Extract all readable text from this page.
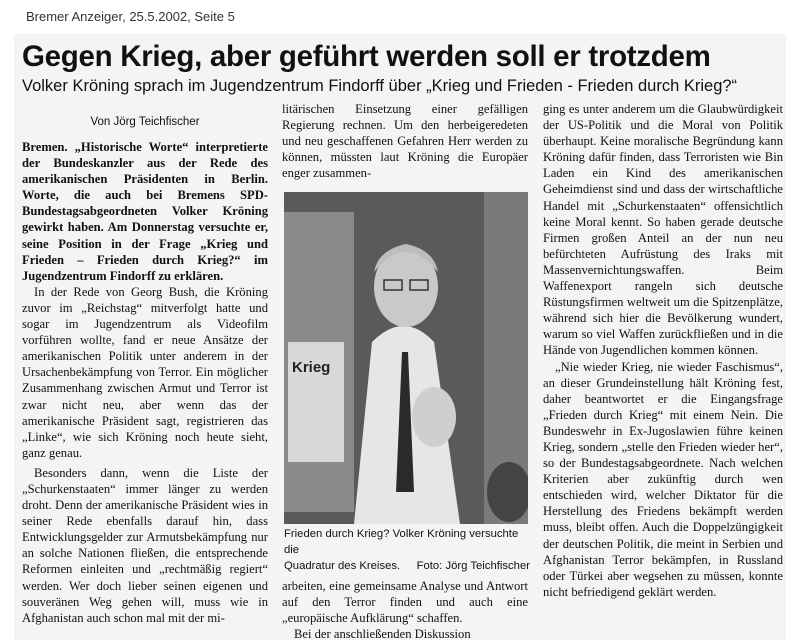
Bremer Anzeiger, 25.5.2002, Seite 5
Gegen Krieg, aber geführt werden soll er trotzdem
Volker Kröning sprach im Jugendzentrum Findorff über „Krieg und Frieden - Frieden durch Krieg?“
Von Jörg Teichfischer

Bremen. „Historische Worte“ interpretierte der Bundeskanzler aus der Rede des amerikanischen Präsidenten in Berlin. Worte, die auch bei Bremens SPD-Bundestagsabgeordneten Volker Kröning gewirkt haben. Am Donnerstag versuchte er, seine Position in der Frage „Krieg und Frieden – Frieden durch Krieg?“ im Jugendzentrum Findorff zu erklären.

In der Rede von Georg Bush, die Kröning zuvor im „Reichstag“ mitverfolgt hatte und sogar im Jugendzentrum als Videofilm vorführen wollte, fand er neue Ansätze der amerikanischen Politik unter anderem in der Ursachenbekämpfung von Terror. Ein möglicher Zusammenhang zwischen Armut und Terror ist zwar nicht neu, aber wenn das der amerikanische Präsident sagt, registrieren das „Linke“, wie sich Kröning noch heute sieht, ganz genau.

Besonders dann, wenn die Liste der „Schurkenstaaten“ immer länger zu werden droht. Denn der amerikanische Präsident wies in seiner Rede ebenfalls darauf hin, dass Entwicklungsgelder zur Armutsbekämpfung nur an solche Nationen fließen, die entsprechende Reformen einleiten und „rechtmäßig regiert“ werden. Wer doch lieber seinen eigenen und souveränen Weg gehen will, muss wie in Afghanistan auch schon mal mit der mi-

litärischen Einsetzung einer gefälligen Regierung rechnen. Um den herbeigeredeten und neu geschaffenen Gefahren Herr werden zu können, müssten laut Kröning die Europäer enger zusammen-

Krieg
Frieden durch Krieg? Volker Kröning versuchte die
Quadratur des Kreises. Foto: Jörg Teichfischer

arbeiten, eine gemeinsame Analyse und Antwort auf den Terror finden und auch eine „europäische Aufklärung“ schaffen.

Bei der anschließenden Diskussion

ging es unter anderem um die Glaubwürdigkeit der US-Politik und die Moral von Politik überhaupt. Keine moralische Begründung kann Kröning dafür finden, dass Terroristen wie Bin Laden ein Kind des amerikanischen Geheimdienst sind und dass der wirtschaftliche Handel mit „Schurkenstaaten“ offensichtlich keine Moral kennt. So haben gerade deutsche Firmen großen Anteil an der nun neu befürchteten Aufrüstung des Iraks mit Massenvernichtungswaffen. Beim Waffenexport rangeln sich deutsche Rüstungsfirmen weltweit um die Spitzenplätze, während sich hier die Bevölkerung wundert, warum so viel Waffen zurückfließen und in die Hände von Jugendlichen kommen können.

„Nie wieder Krieg, nie wieder Faschismus“, an dieser Grundeinstellung hält Kröning fest, daher beantwortet er die Eingangsfrage „Frieden durch Krieg“ mit einem Nein. Die Bundeswehr in Ex-Jugoslawien führe keinen Krieg, sondern „stelle den Frieden wieder her“, so der Bundestagsabgeordnete. Nach welchen Kriterien aber zukünftig durch wen entschieden wird, welcher Diktator für die Herstellung des Friedens bekämpft werden muss, bleibt offen. Auch die Doppelzüngigkeit der deutschen Politik, die meint in Serbien und Afghanistan Terror bekämpfen, in Russland oder Türkei aber wegsehen zu müssen, konnte nicht befriedigend geklärt werden.
